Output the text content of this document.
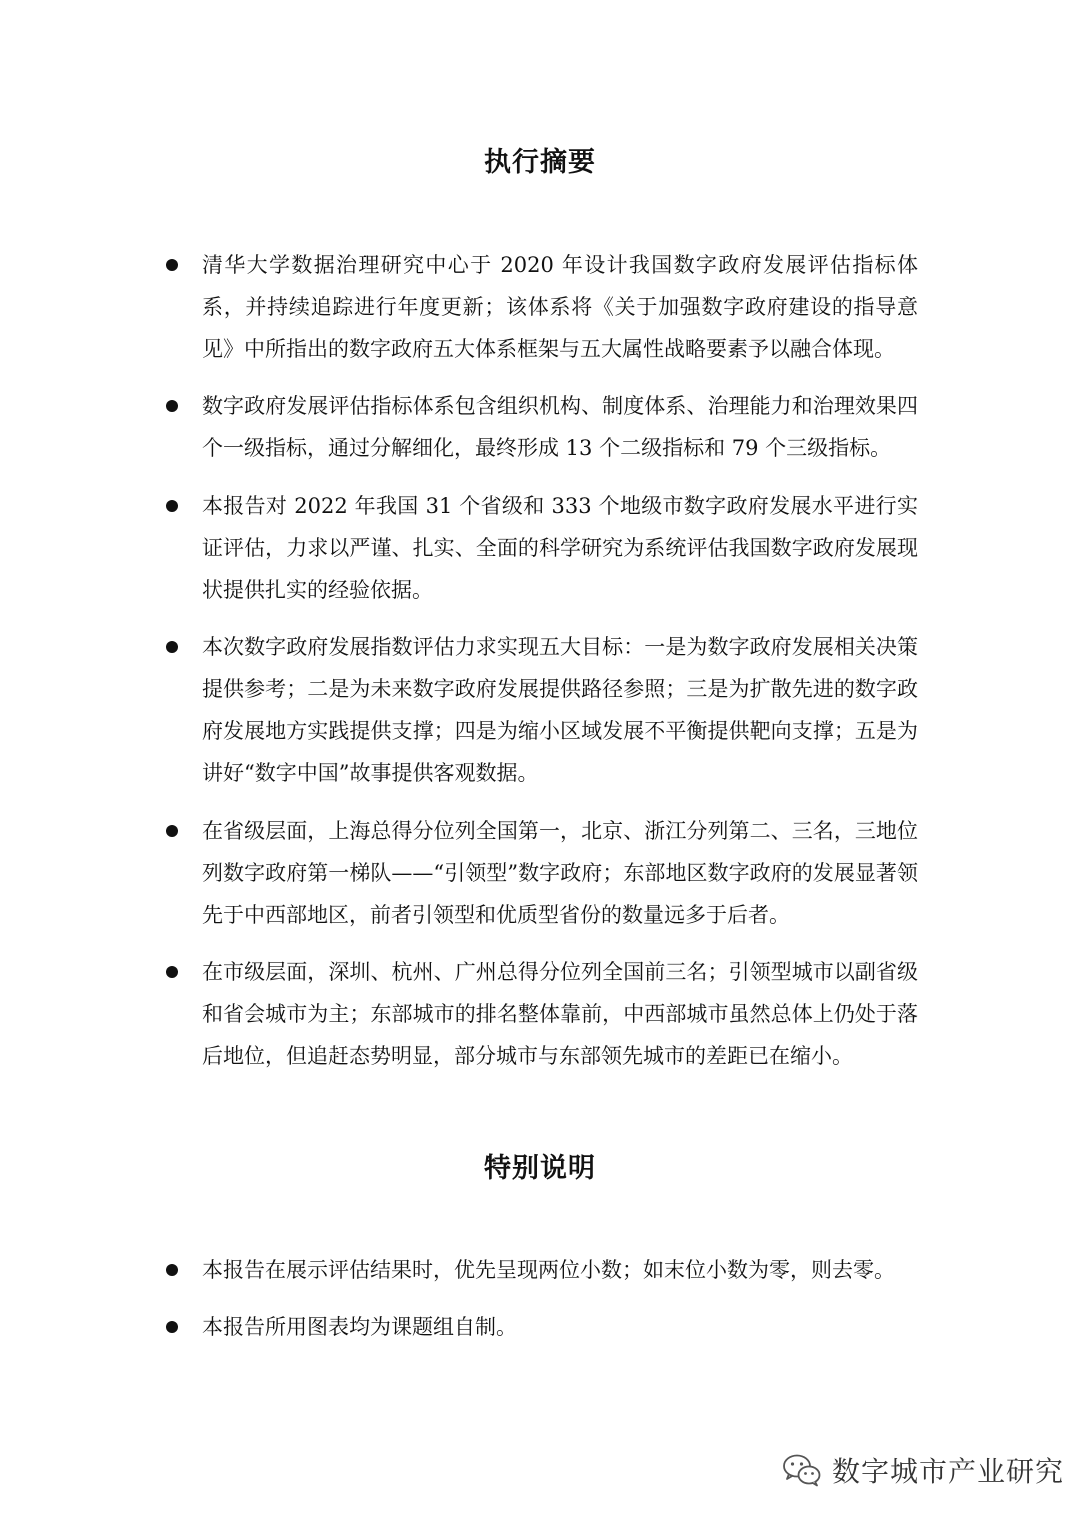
执行摘要

清华大学数据治理研究中心于 2020 年设计我国数字政府发展评估指标体系，并持续追踪进行年度更新；该体系将《关于加强数字政府建设的指导意见》中所指出的数字政府五大体系框架与五大属性战略要素予以融合体现。

数字政府发展评估指标体系包含组织机构、制度体系、治理能力和治理效果四个一级指标，通过分解细化，最终形成 13 个二级指标和 79 个三级指标。

本报告对 2022 年我国 31 个省级和 333 个地级市数字政府发展水平进行实证评估，力求以严谨、扎实、全面的科学研究为系统评估我国数字政府发展现状提供扎实的经验依据。

本次数字政府发展指数评估力求实现五大目标：一是为数字政府发展相关决策提供参考；二是为未来数字政府发展提供路径参照；三是为扩散先进的数字政府发展地方实践提供支撑；四是为缩小区域发展不平衡提供靶向支撑；五是为讲好“数字中国”故事提供客观数据。

在省级层面，上海总得分位列全国第一，北京、浙江分列第二、三名，三地位列数字政府第一梯队——“引领型”数字政府；东部地区数字政府的发展显著领先于中西部地区，前者引领型和优质型省份的数量远多于后者。

在市级层面，深圳、杭州、广州总得分位列全国前三名；引领型城市以副省级和省会城市为主；东部城市的排名整体靠前，中西部城市虽然总体上仍处于落后地位，但追赶态势明显，部分城市与东部领先城市的差距已在缩小。

特别说明

本报告在展示评估结果时，优先呈现两位小数；如末位小数为零，则去零。

本报告所用图表均为课题组自制。

数字城市产业研究
